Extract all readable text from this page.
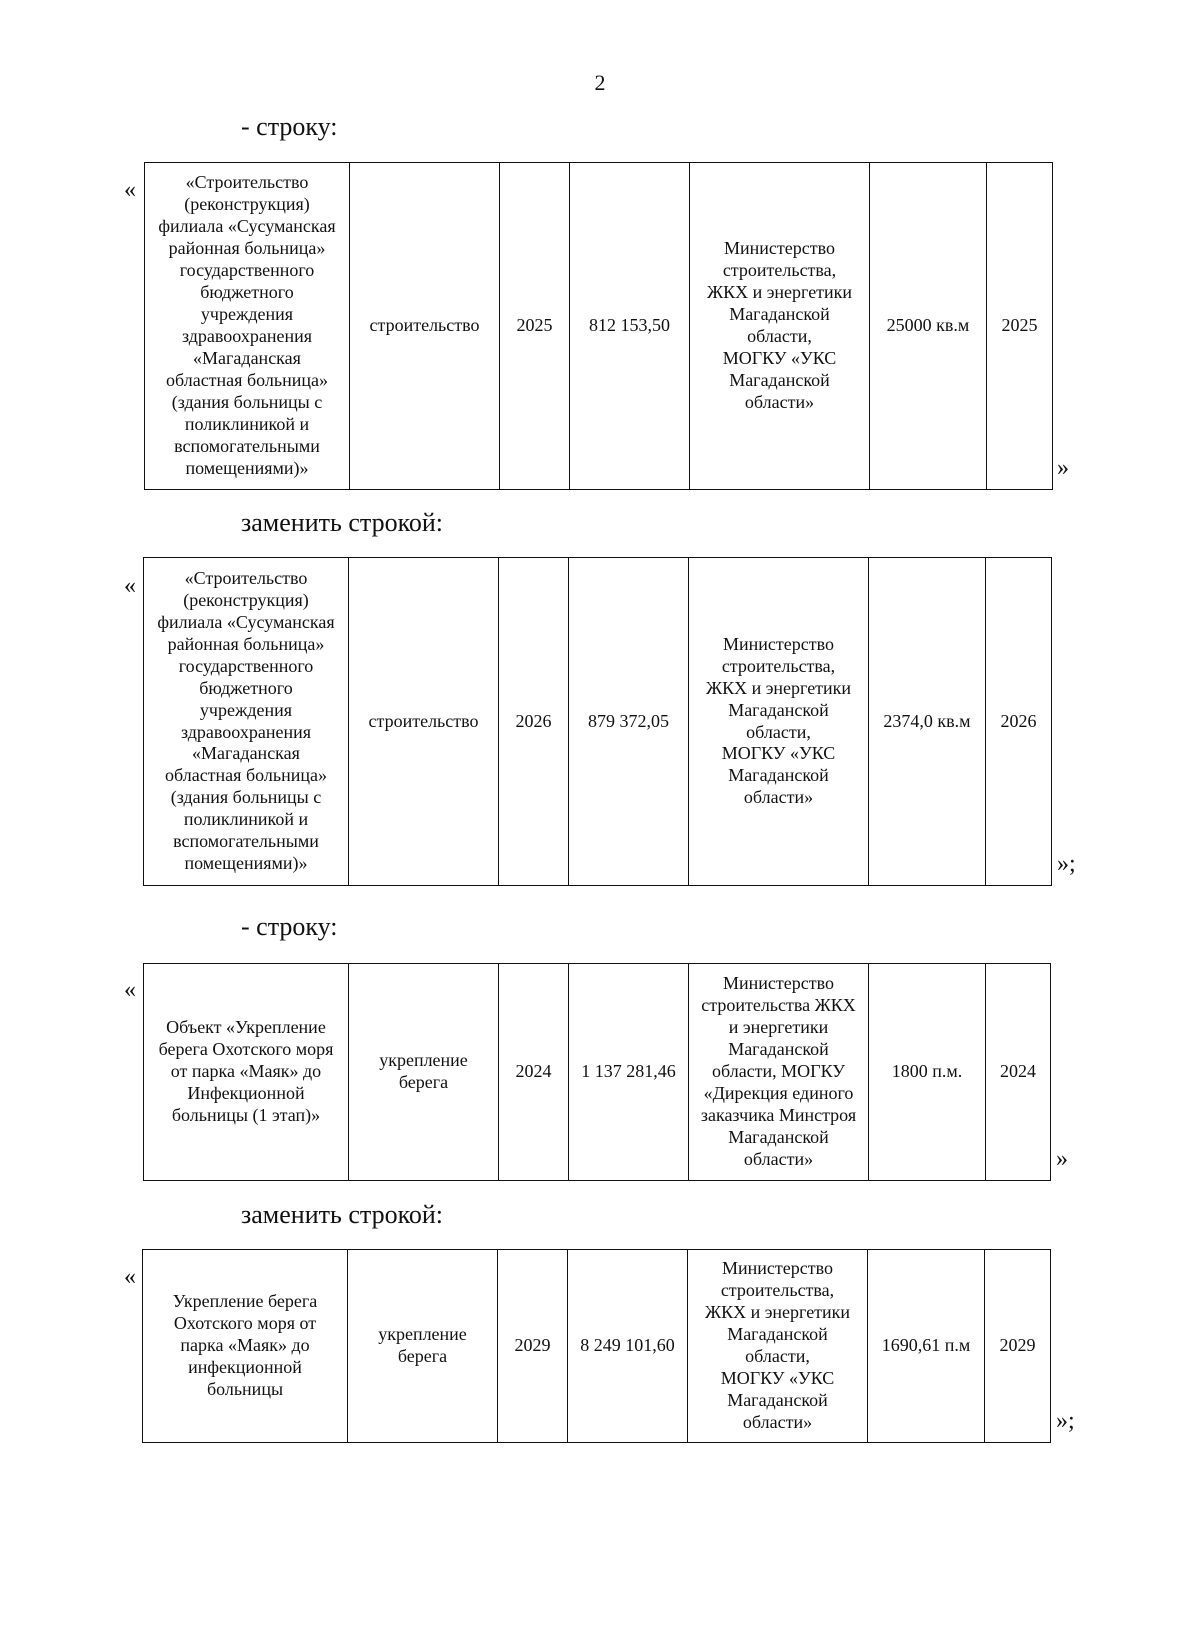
2
- строку:
«	«Строительство
(реконструкция)
филиала «Сусуманская
районная больница»
государственного
бюджетного
учреждения
здравоохранения
«Магаданская
областная больница»
(здания больницы с
поликлиникой и
вспомогательными
помещениями)»	строительство	2025	812 153,50	Министерство
строительства,
ЖКХ и энергетики
Магаданской
области,
МОГКУ «УКС
Магаданской
области»	25000 кв.м	2025
»
заменить строкой:
«	«Строительство
(реконструкция)
филиала «Сусуманская
районная больница»
государственного
бюджетного
учреждения
здравоохранения
«Магаданская
областная больница»
(здания больницы с
поликлиникой и
вспомогательными
помещениями)»	строительство	2026	879 372,05	Министерство
строительства,
ЖКХ и энергетики
Магаданской
области,
МОГКУ «УКС
Магаданской
области»	2374,0 кв.м	2026
»;
- строку:
«
Объект «Укрепление
берега Охотского моря
от парка «Маяк» до
Инфекционной
больницы (1 этап)»	укрепление
берега	2024	1 137 281,46	Министерство
строительства ЖКХ
и энергетики
Магаданской
области, МОГКУ
«Дирекция единого
заказчика Минстроя
Магаданской
области»	1800 п.м.	2024
»
заменить строкой:
«
Укрепление берега
Охотского моря от
парка «Маяк» до
инфекционной
больницы	укрепление
берега	2029	8 249 101,60	Министерство
строительства,
ЖКХ и энергетики
Магаданской
области,
МОГКУ «УКС
Магаданской
области»	1690,61 п.м	2029
»;
